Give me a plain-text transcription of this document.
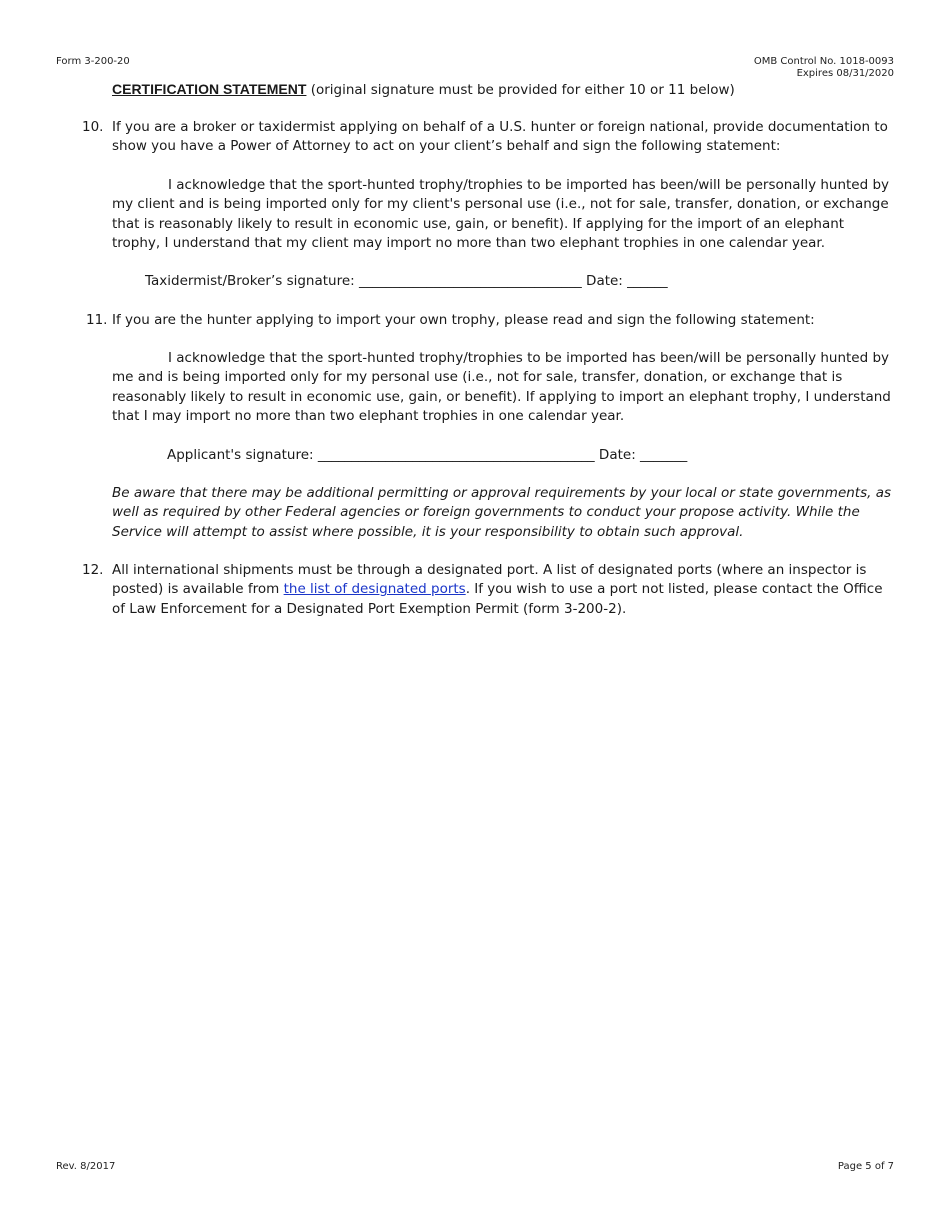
Form 3-200-20	OMB Control No. 1018-0093
Expires 08/31/2020
CERTIFICATION STATEMENT (original signature must be provided for either 10 or 11 below)
10. If you are a broker or taxidermist applying on behalf of a U.S. hunter or foreign national, provide documentation to show you have a Power of Attorney to act on your client’s behalf and sign the following statement:
I acknowledge that the sport-hunted trophy/trophies to be imported has been/will be personally hunted by my client and is being imported only for my client's personal use (i.e., not for sale, transfer, donation, or exchange that is reasonably likely to result in economic use, gain, or benefit). If applying for the import of an elephant trophy, I understand that my client may import no more than two elephant trophies in one calendar year.
Taxidermist/Broker’s signature: _________________________________ Date: ______
11. If you are the hunter applying to import your own trophy, please read and sign the following statement:
I acknowledge that the sport-hunted trophy/trophies to be imported has been/will be personally hunted by me and is being imported only for my personal use (i.e., not for sale, transfer, donation, or exchange that is reasonably likely to result in economic use, gain, or benefit). If applying to import an elephant trophy, I understand that I may import no more than two elephant trophies in one calendar year.
Applicant's signature: _________________________________________ Date: _______
Be aware that there may be additional permitting or approval requirements by your local or state governments, as well as required by other Federal agencies or foreign governments to conduct your propose activity. While the Service will attempt to assist where possible, it is your responsibility to obtain such approval.
12. All international shipments must be through a designated port. A list of designated ports (where an inspector is posted) is available from the list of designated ports. If you wish to use a port not listed, please contact the Office of Law Enforcement for a Designated Port Exemption Permit (form 3-200-2).
Rev. 8/2017	Page 5 of 7
